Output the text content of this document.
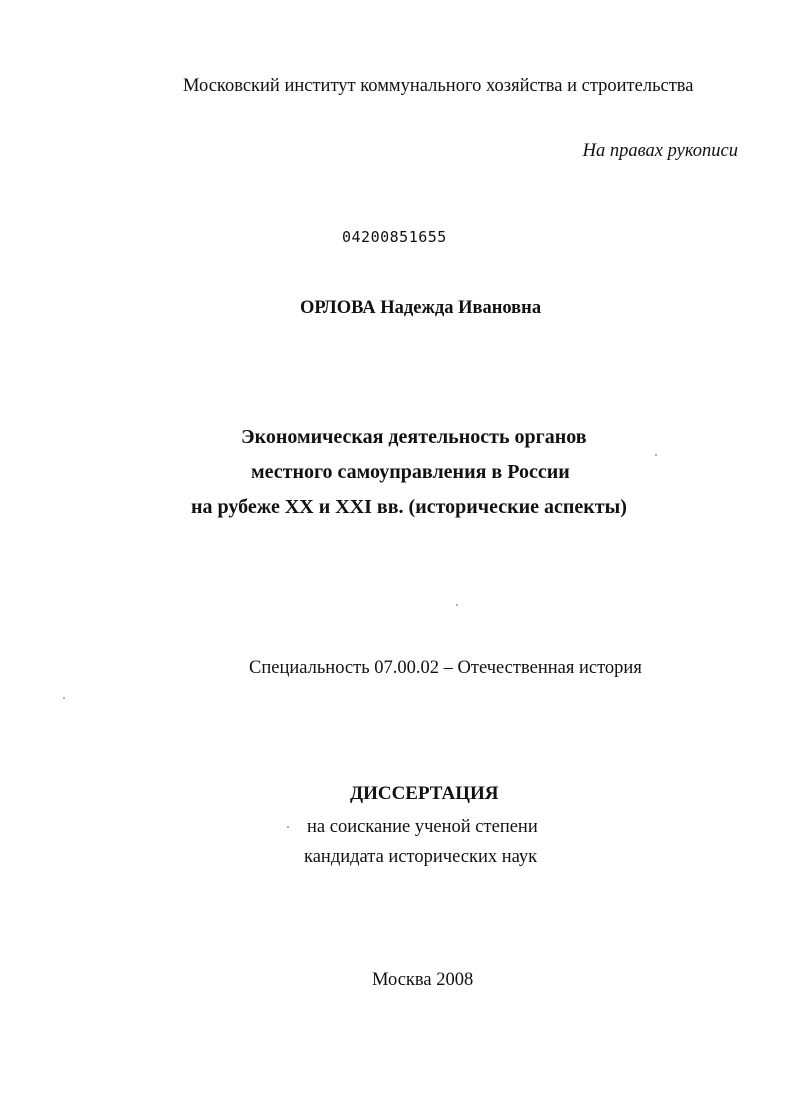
Московский институт коммунального хозяйства и строительства
На правах рукописи
04200851655
ОРЛОВА Надежда Ивановна
Экономическая деятельность органов
местного самоуправления в России
на рубеже XX и XXI вв. (исторические аспекты)
Специальность 07.00.02 – Отечественная история
ДИССЕРТАЦИЯ
на соискание ученой степени
кандидата исторических наук
Москва 2008
